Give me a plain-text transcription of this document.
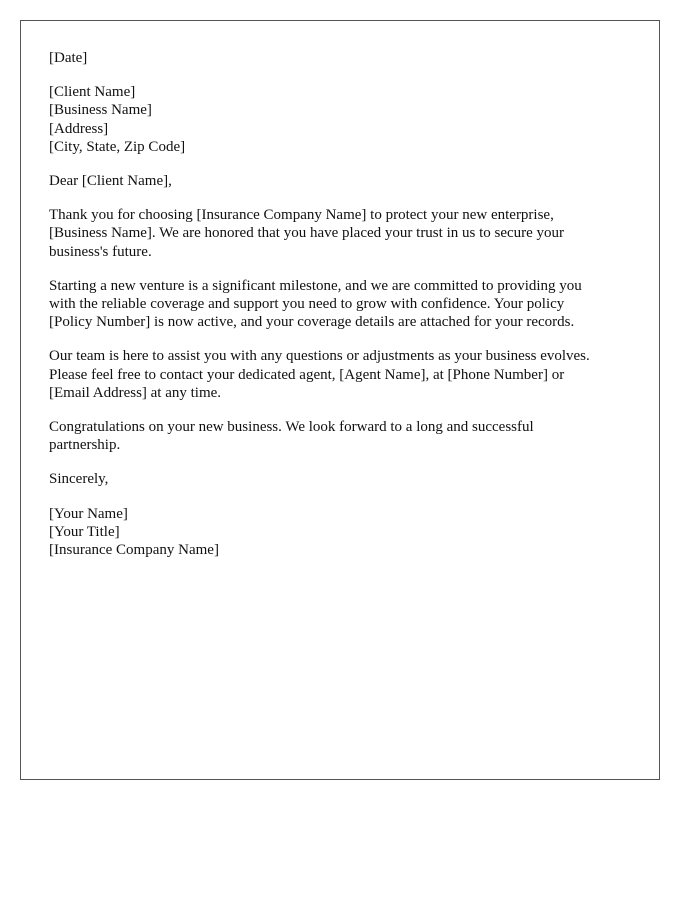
[Date]
[Client Name]
[Business Name]
[Address]
[City, State, Zip Code]
Dear [Client Name],

Thank you for choosing [Insurance Company Name] to protect your new enterprise,
[Business Name]. We are honored that you have placed your trust in us to secure your
business's future.

Starting a new venture is a significant milestone, and we are committed to providing you
with the reliable coverage and support you need to grow with confidence. Your policy
[Policy Number] is now active, and your coverage details are attached for your records.

Our team is here to assist you with any questions or adjustments as your business evolves.
Please feel free to contact your dedicated agent, [Agent Name], at [Phone Number] or
[Email Address] at any time.

Congratulations on your new business. We look forward to a long and successful
partnership.

Sincerely,
[Your Name]
[Your Title]
[Insurance Company Name]
